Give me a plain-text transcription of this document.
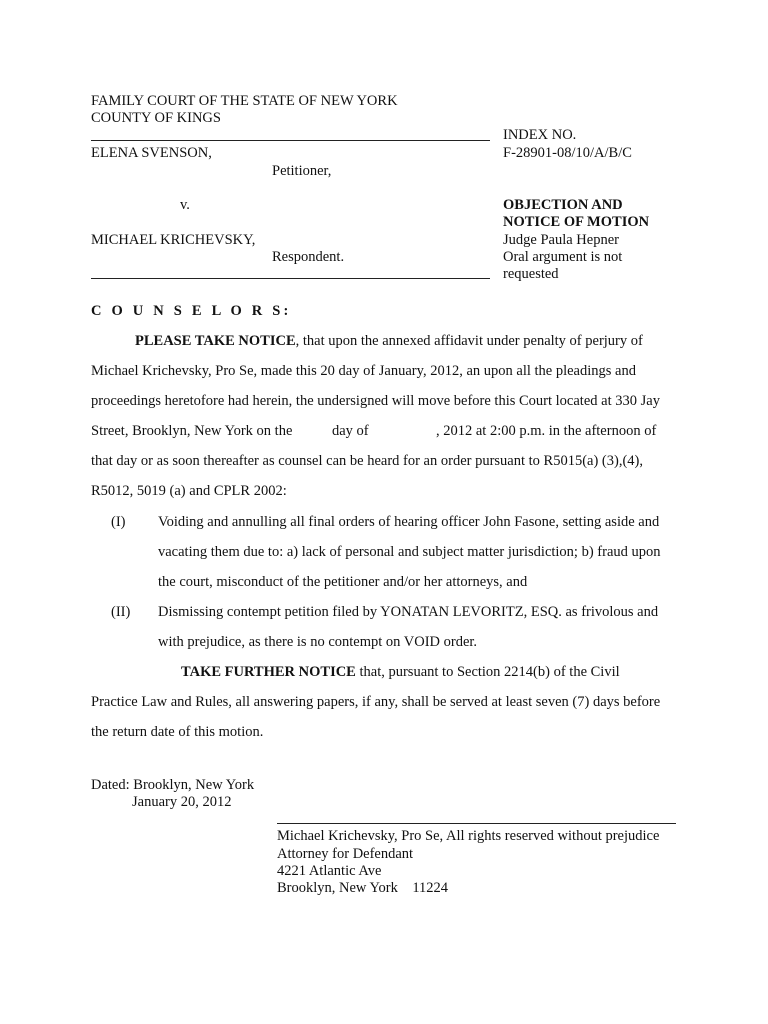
FAMILY COURT OF THE STATE OF NEW YORK
COUNTY OF KINGS
ELENA SVENSON,
Petitioner,
v.
MICHAEL KRICHEVSKY,
Respondent.
INDEX NO.
F-28901-08/10/A/B/C
OBJECTION AND
NOTICE OF MOTION
Judge Paula Hepner
Oral argument is not
requested
C O U N S E L O R S:
PLEASE TAKE NOTICE, that upon the annexed affidavit under penalty of perjury of
Michael Krichevsky, Pro Se, made this 20 day of January, 2012, an upon all the pleadings and
proceedings heretofore had herein, the undersigned will move before this Court located at 330 Jay
Street, Brooklyn, New York on the	day of	, 2012 at 2:00 p.m. in the afternoon of
that day or as soon thereafter as counsel can be heard for an order pursuant to R5015(a) (3),(4),
R5012, 5019 (a) and CPLR 2002:
(I) Voiding and annulling all final orders of hearing officer John Fasone, setting aside and
vacating them due to: a) lack of personal and subject matter jurisdiction; b) fraud upon
the court, misconduct of the petitioner and/or her attorneys, and
(II) Dismissing contempt petition filed by YONATAN LEVORITZ, ESQ. as frivolous and
with prejudice, as there is no contempt on VOID order.
TAKE FURTHER NOTICE that, pursuant to Section 2214(b) of the Civil
Practice Law and Rules, all answering papers, if any, shall be served at least seven (7) days before
the return date of this motion.
Dated: Brooklyn, New York
January 20, 2012
Michael Krichevsky, Pro Se, All rights reserved without prejudice
Attorney for Defendant
4221 Atlantic Ave
Brooklyn, New York    11224
